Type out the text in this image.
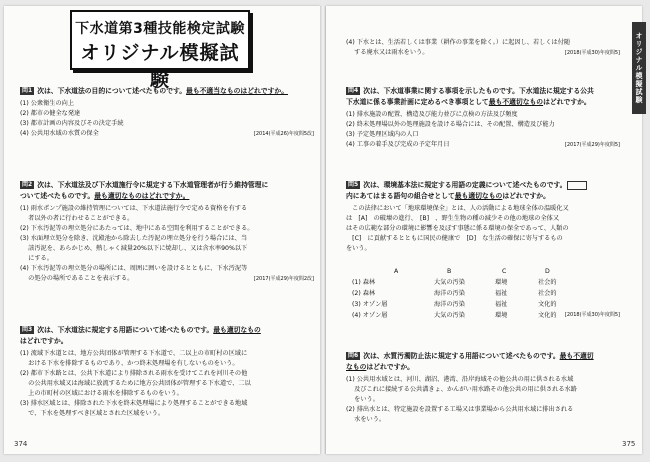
下水道第3種技能検定試験
オリジナル模擬試験	オリジナル模擬試験
問1 次は、下水道法の目的について述べたものです。最も不適当なものはどれですか。
(1) 公衆衛生の向上
(2) 都市の健全な発達
(3) 都市計画の内容及びその決定手続
(4) 公共用水域の水質の保全	[2014(平成26)年度問5改]
問2 次は、下水道法及び下水道施行令に規定する下水道管理者が行う維持管理に
ついて述べたものです。最も適切なものはどれですか。
(1) 雨水ポンプ施設の維持管理については、下水道法施行令で定める資格を有する
　 者以外の者に行わせることができる。
(2) 下水汚泥等の埋立処分にあたっては、地中にある空間を利用することができる。
(3) 水面埋立処分を除き、沈殿池から除去した汚泥の埋立処分を行う場合には、当
　 該汚泥を、あらかじめ、熱しゃく減量20%以下に焼却し、又は含水率90%以下
　 にする。
(4) 下水汚泥等の埋立処分の場所には、周囲に囲いを設けるとともに、下水汚泥等
　 の処分の場所であることを表示する。	[2017(平成29)年度問2改]
問3 次は、下水道法に規定する用語について述べたものです。最も適切なもの
はどれですか。
(1) 流域下水道とは、地方公共団体が管理する下水道で、二以上の市町村の区域に
　 おける下水を排除するものであり、かつ終末処理場を有しないものをいう。
(2) 都市下水路とは、公共下水道により排除される雨水を受けてこれを河川その他
　 の公共用水域又は海域に放流するために地方公共団体が管理する下水道で、二以
　 上の市町村の区域における雨水を排除するものをいう。
(3) 排水区域とは、排除された下水を終末処理場により処理することができる地域
　 で、下水を処理すべき区域とされた区域をいう。
374
(4) 下水とは、生活若しくは事業（耕作の事業を除く。）に起因し、若しくは付随
　 する廃水又は雨水をいう。	[2018(平成30)年度問5]
問4 次は、下水道事業に関する事項を示したものです。下水道法に規定する公共
下水道に係る事業計画に定めるべき事項として最も不適切なものはどれですか。
(1) 排水施設の配置、構造及び能力並びに点検の方法及び頻度
(2) 終末処理場以外の処理施設を設ける場合には、その配置、構造及び能力
(3) 予定処理区域内の人口
(4) 工事の着手及び完成の予定年月日	[2017(平成29)年度問5]
問5 次は、環境基本法に規定する用語の定義について述べたものです。
内にあてはまる語句の組合せとして最も適切なものはどれですか。
　この法律において「地球環境保全」とは、人の活動による地球全体の温暖化又
は　[A]　の破壊の進行、　[B]　、野生生物の種の減少その他の地球の全体又
はその広範な部分の環境に影響を及ぼす事態に係る環境の保全であって、人類の
　[C]　に貢献するとともに国民の健康で　[D]　な生活の確保に寄与するもの
をいう。
A	B	C	D
(1) 森林	大気の汚染	環境	社会的
(2) 森林	海洋の汚染	福祉	社会的
(3) オゾン層	海洋の汚染	福祉	文化的
(4) オゾン層	大気の汚染	環境	文化的 [2018(平成30)年度問5]
問6 次は、水質汚濁防止法に規定する用語について述べたものです。最も不適切
なものはどれですか。
(1) 公共用水域とは、河川、湖沼、港湾、沿岸海域その他公共の用に供される水域
　 及びこれに接続する公共溝きょ、かんがい用水路その他公共の用に供される水路
　 をいう。
(2) 排出水とは、特定施設を設置する工場又は事業場から公共用水域に排出される
　 水をいう。
375
